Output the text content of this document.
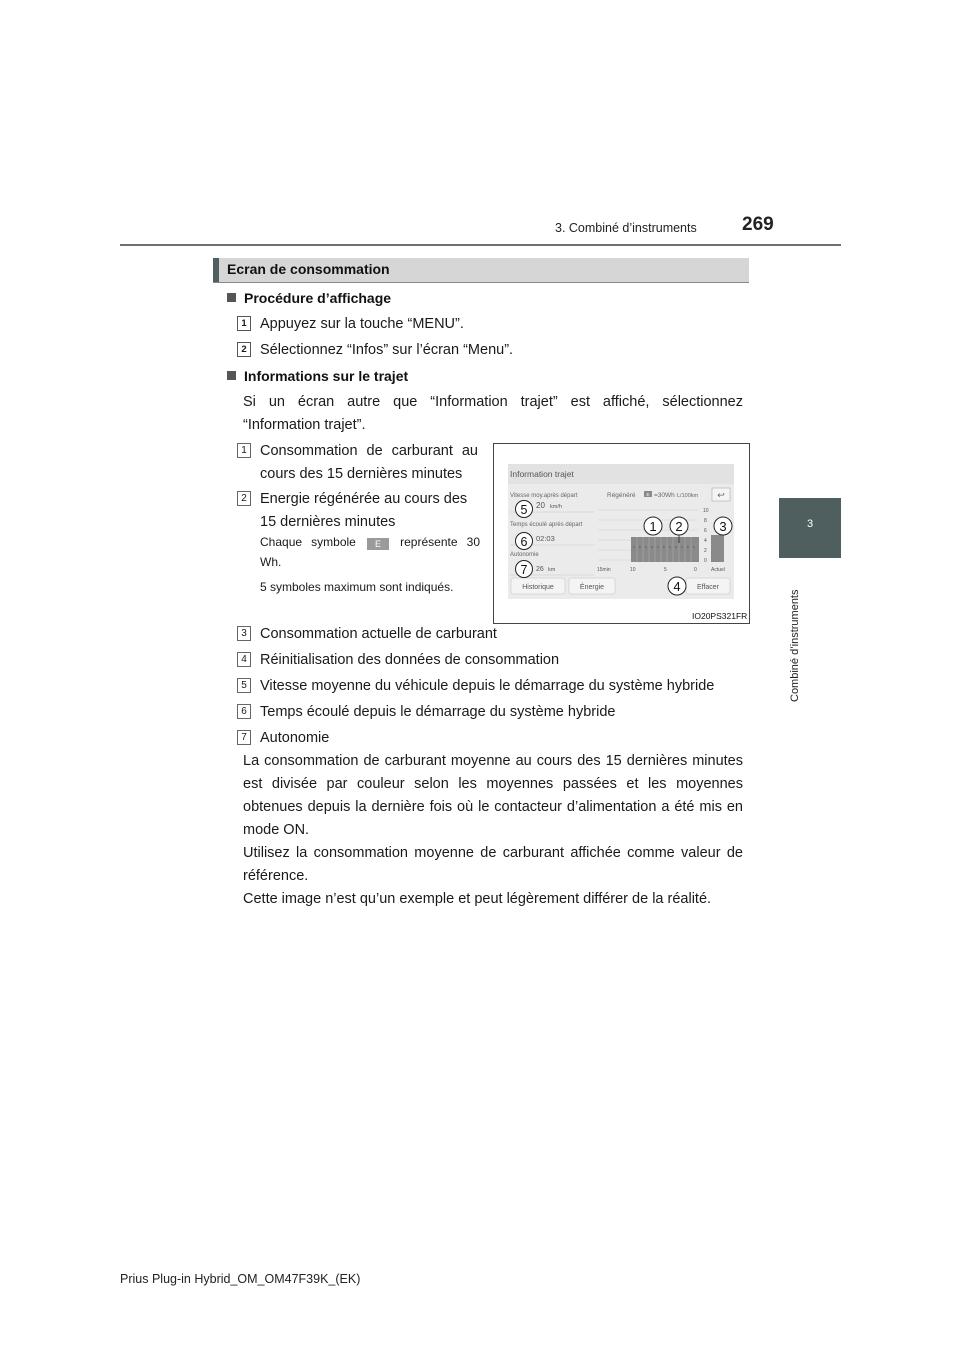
3. Combiné d’instruments 269
3
Combiné d’instruments
Ecran de consommation
Procédure d’affichage
1 Appuyez sur la touche “MENU”.
2 Sélectionnez “Infos” sur l’écran “Menu”.
Informations sur le trajet
Si un écran autre que “Information trajet” est affiché, sélectionnez “Information trajet”.
1 Consommation de carburant au cours des 15 dernières minutes
2 Energie régénérée au cours des 15 dernières minutes
Chaque symbole E représente 30 Wh.
5 symboles maximum sont indiqués.
Information trajet
↩
Vitesse moy.après départ
20 km/h
Temps écoulé après départ
02:03
Autonomie
26 km
Régénéré E =30Wh L/100km
E E E E E E E E E E E
10
8
6
4
2
0
15min	10	5	0	Actuel
Historique	Énergie	Effacer
1 2	3
4
5
6
7
IO20PS321FR
3 Consommation actuelle de carburant
4 Réinitialisation des données de consommation
5 Vitesse moyenne du véhicule depuis le démarrage du système hybride
6 Temps écoulé depuis le démarrage du système hybride
7 Autonomie
La consommation de carburant moyenne au cours des 15 dernières minutes est divisée par couleur selon les moyennes passées et les moyennes obtenues depuis la dernière fois où le contacteur d’alimentation a été mis en mode ON.
Utilisez la consommation moyenne de carburant affichée comme valeur de référence.
Cette image n’est qu’un exemple et peut légèrement différer de la réalité.
Prius Plug-in Hybrid_OM_OM47F39K_(EK)
